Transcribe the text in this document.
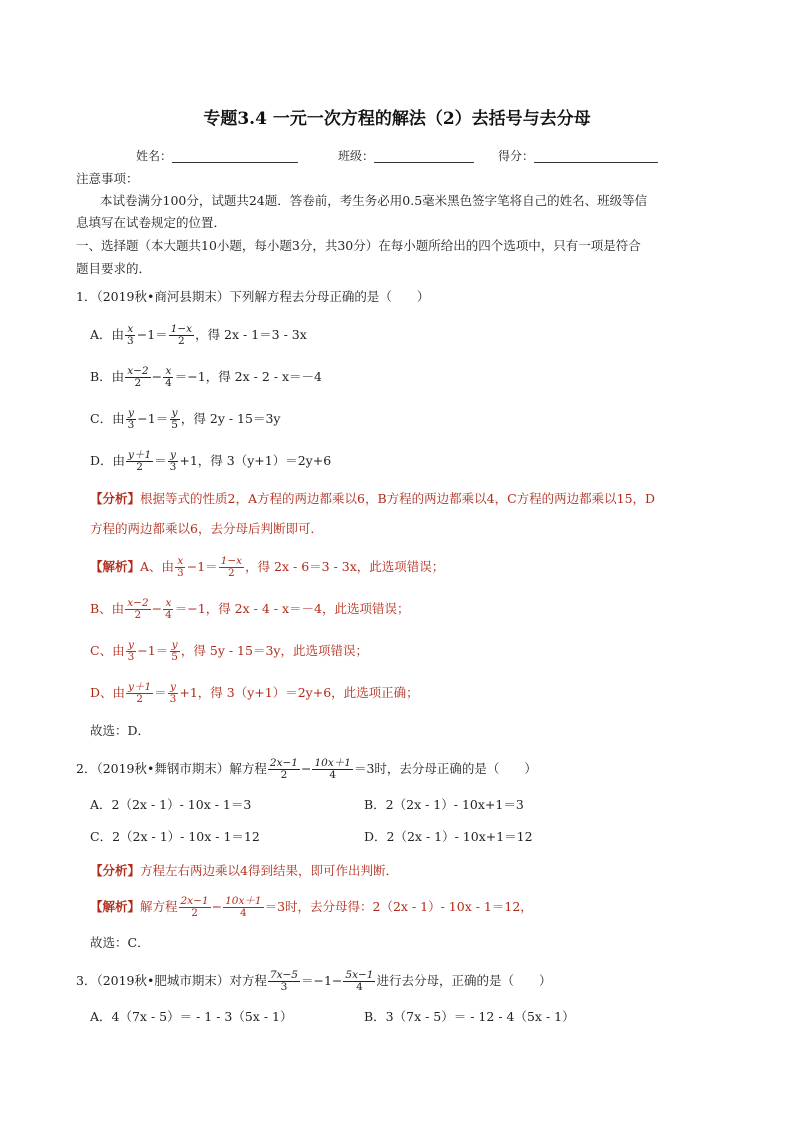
专题3.4 一元一次方程的解法（2）去括号与去分母
姓名：	班级：	得分：
注意事项：
本试卷满分100分，试题共24题．答卷前，考生务必用0.5毫米黑色签字笔将自己的姓名、班级等信
息填写在试卷规定的位置．
一、选择题（本大题共10小题，每小题3分，共30分）在每小题所给出的四个选项中，只有一项是符合
题目要求的．
1．（2019秋•商河县期末）下列解方程去分母正确的是（　　）
A．由 $\frac{x}{3} -1= \frac{1-x}{2}$ ，得 2x - 1＝3 - 3x
B．由 $\frac{x-2}{2} - \frac{x}{4} =-1$，得 2x - 2 - x＝－4
C．由 $\frac{y}{3} -1= \frac{y}{5}$ ，得 2y - 15＝3y
D．由 $\frac{y+1}{2} = \frac{y}{3} +1$，得 3（y+1）＝2y+6
【分析】根据等式的性质2，A方程的两边都乘以6，B方程的两边都乘以4，C方程的两边都乘以15，D
方程的两边都乘以6，去分母后判断即可．
【解析】A、由 $\frac{x}{3} -1= \frac{1-x}{2}$ ，得 2x - 6＝3 - 3x，此选项错误；
B、由 $\frac{x-2}{2} - \frac{x}{4} =-1$，得 2x - 4 - x＝－4，此选项错误；
C、由 $\frac{y}{3} -1= \frac{y}{5}$ ，得 5y - 15＝3y，此选项错误；
D、由 $\frac{y+1}{2} = \frac{y}{3} +1$，得 3（y+1）＝2y+6，此选项正确；
故选：D．
2．（2019秋•舞钢市期末）解方程 $\frac{2x-1}{2} - \frac{10x+1}{4} =3$时，去分母正确的是（　　）
A．2（2x - 1）- 10x - 1＝3	B．2（2x - 1）- 10x+1＝3
C．2（2x - 1）- 10x - 1＝12	D．2（2x - 1）- 10x+1＝12
【分析】方程左右两边乘以4得到结果，即可作出判断．
【解析】解方程 $\frac{2x-1}{2} - \frac{10x+1}{4} =3$时，去分母得：2（2x - 1）- 10x - 1＝12，
故选：C．
3．（2019秋•肥城市期末）对方程 $\frac{7x-5}{3} =-1- \frac{5x-1}{4}$ 进行去分母，正确的是（　　）
A．4（7x - 5）＝ - 1 - 3（5x - 1）	B．3（7x - 5）＝ - 12 - 4（5x - 1）
